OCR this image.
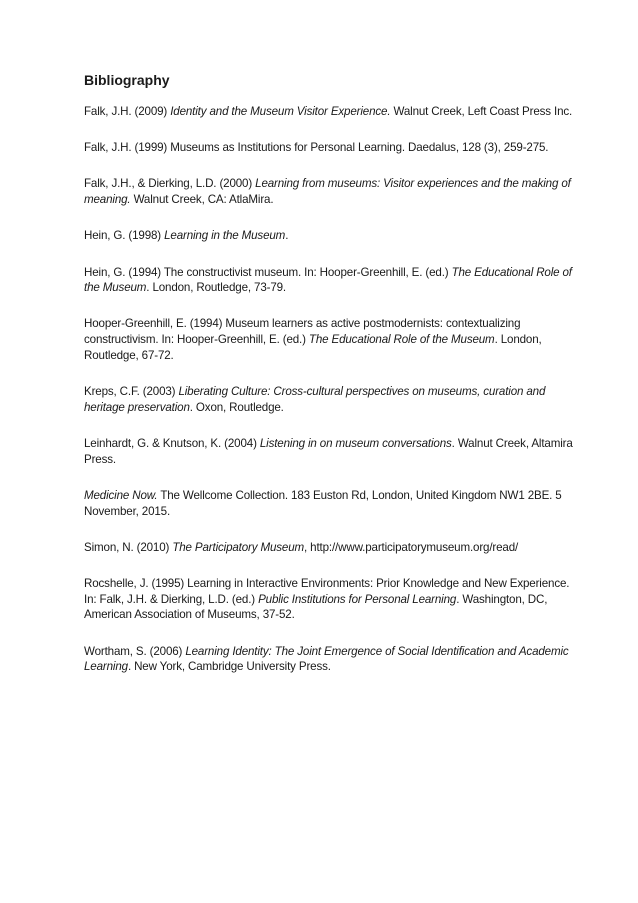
Bibliography

Falk, J.H. (2009) Identity and the Museum Visitor Experience. Walnut Creek, Left Coast Press Inc.

Falk, J.H. (1999) Museums as Institutions for Personal Learning. Daedalus, 128 (3), 259-275.

Falk, J.H., & Dierking, L.D. (2000) Learning from museums: Visitor experiences and the making of meaning. Walnut Creek, CA: AtlaMira.

Hein, G. (1998) Learning in the Museum.

Hein, G. (1994) The constructivist museum. In: Hooper-Greenhill, E. (ed.) The Educational Role of the Museum. London, Routledge, 73-79.

Hooper-Greenhill, E. (1994) Museum learners as active postmodernists: contextualizing constructivism. In: Hooper-Greenhill, E. (ed.) The Educational Role of the Museum. London, Routledge, 67-72.

Kreps, C.F. (2003) Liberating Culture: Cross-cultural perspectives on museums, curation and heritage preservation. Oxon, Routledge.

Leinhardt, G. & Knutson, K. (2004) Listening in on museum conversations. Walnut Creek, Altamira Press.

Medicine Now. The Wellcome Collection. 183 Euston Rd, London, United Kingdom NW1 2BE. 5 November, 2015.

Simon, N. (2010) The Participatory Museum, http://www.participatorymuseum.org/read/

Rocshelle, J. (1995) Learning in Interactive Environments: Prior Knowledge and New Experience. In: Falk, J.H. & Dierking, L.D. (ed.) Public Institutions for Personal Learning. Washington, DC, American Association of Museums, 37-52.

Wortham, S. (2006) Learning Identity: The Joint Emergence of Social Identification and Academic Learning. New York, Cambridge University Press.
